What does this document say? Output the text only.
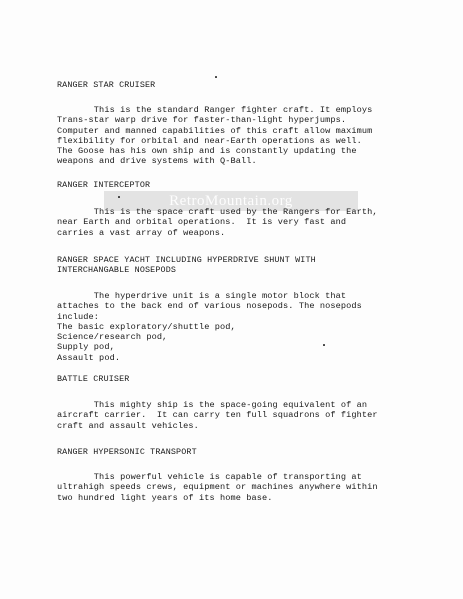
RANGER STAR CRUISER
This is the standard Ranger fighter craft. It employs
Trans-star warp drive for faster-than-light hyperjumps.
Computer and manned capabilities of this craft allow maximum
flexibility for orbital and near-Earth operations as well.
The Goose has his own ship and is constantly updating the
weapons and drive systems with Q-Ball.
RANGER INTERCEPTOR
RetroMountain.org
This is the space craft used by the Rangers for Earth,
near Earth and orbital operations.  It is very fast and
carries a vast array of weapons.
RANGER SPACE YACHT INCLUDING HYPERDRIVE SHUNT WITH
INTERCHANGABLE NOSEPODS
The hyperdrive unit is a single motor block that
attaches to the back end of various nosepods. The nosepods
include:
The basic exploratory/shuttle pod,
Science/research pod,
Supply pod,
Assault pod.
BATTLE CRUISER
This mighty ship is the space-going equivalent of an
aircraft carrier.  It can carry ten full squadrons of fighter
craft and assault vehicles.
RANGER HYPERSONIC TRANSPORT
This powerful vehicle is capable of transporting at
ultrahigh speeds crews, equipment or machines anywhere within
two hundred light years of its home base.
